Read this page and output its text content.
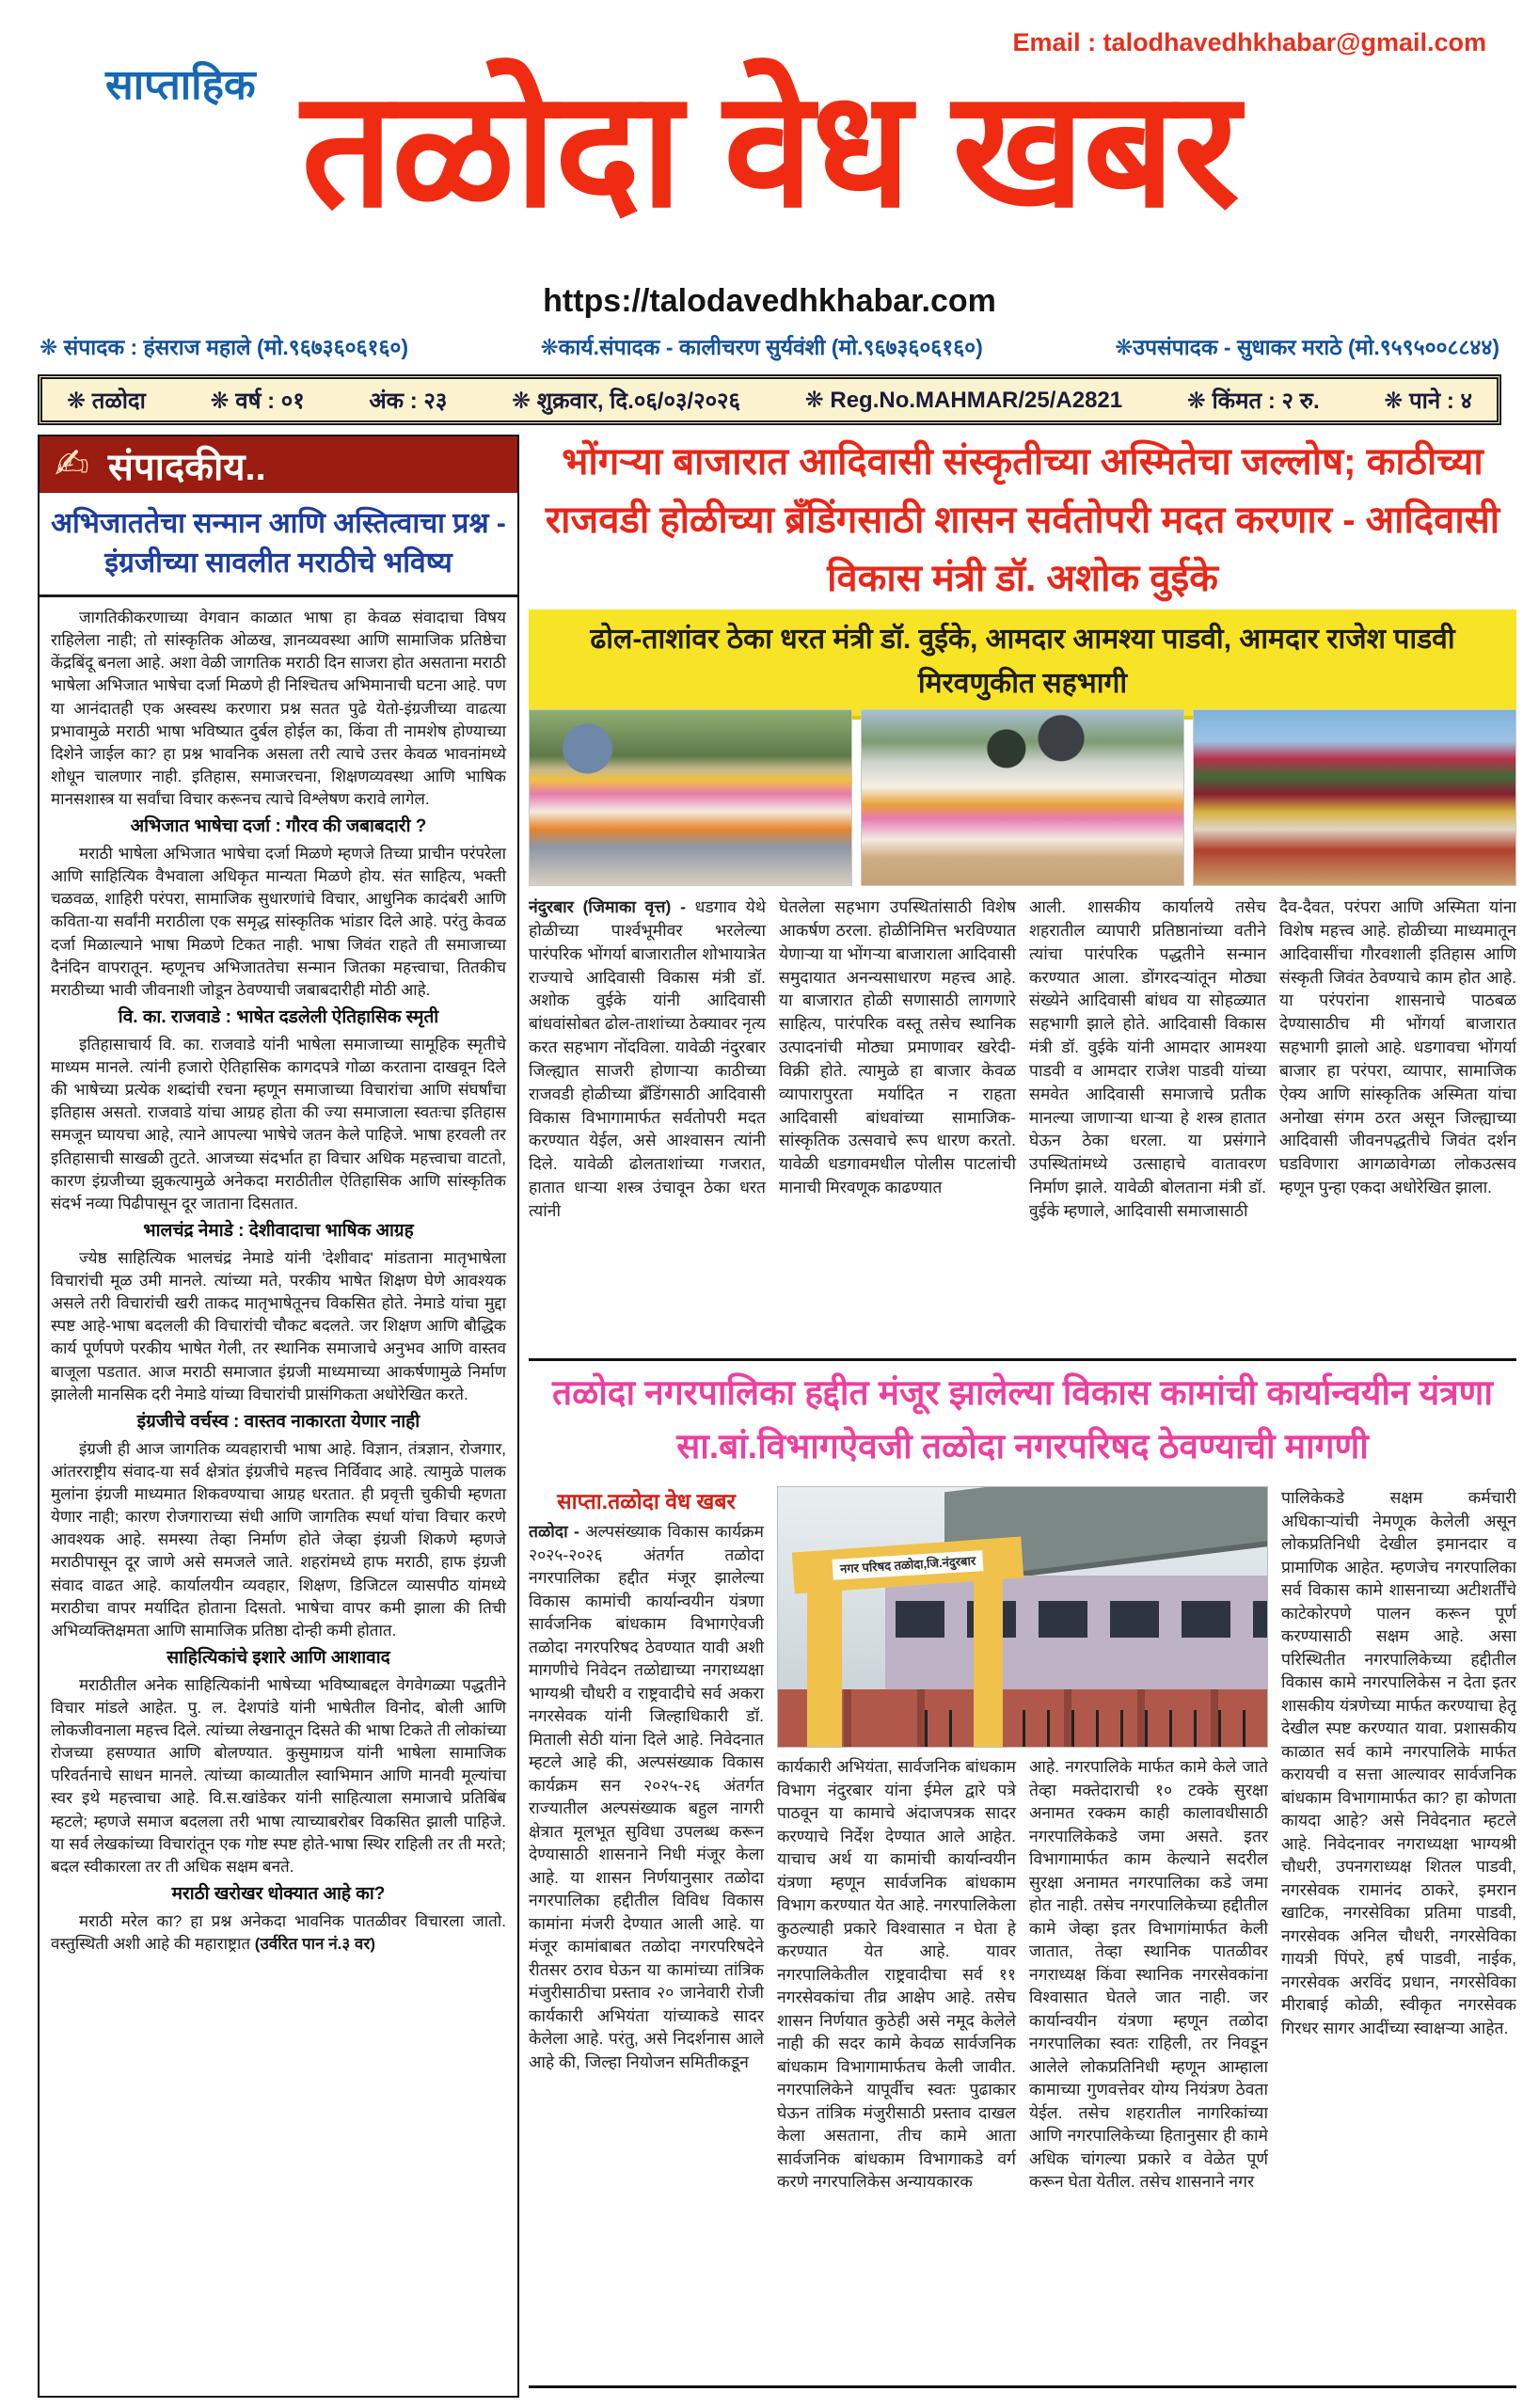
Email : talodhavedhkhabar@gmail.com
साप्ताहिक तळोदा वेध खबर
https://talodavedhkhabar.com
❋ संपादक : हंसराज महाले (मो.९६७३६०६१६०)	❋कार्य.संपादक - कालीचरण सुर्यवंशी (मो.९६७३६०६१६०)	❋उपसंपादक - सुधाकर मराठे (मो.९५९५००८८४४)
❋ तळोदा	❋ वर्ष : ०१	अंक : २३	❋ शुक्रवार, दि.०६/०३/२०२६	❋ Reg.No.MAHMAR/25/A2821	❋ किंमत : २ रु.	❋ पाने : ४
✍ संपादकीय..
अभिजाततेचा सन्मान आणि अस्तित्वाचा प्रश्न - इंग्रजीच्या सावलीत मराठीचे भविष्य

जागतिकीकरणाच्या वेगवान काळात भाषा हा केवळ संवादाचा विषय राहिलेला नाही; तो सांस्कृतिक ओळख, ज्ञानव्यवस्था आणि सामाजिक प्रतिष्ठेचा केंद्रबिंदू बनला आहे. अशा वेळी जागतिक मराठी दिन साजरा होत असताना मराठी भाषेला अभिजात भाषेचा दर्जा मिळणे ही निश्चितच अभिमानाची घटना आहे. पण या आनंदातही एक अस्वस्थ करणारा प्रश्न सतत पुढे येतो-इंग्रजीच्या वाढत्या प्रभावामुळे मराठी भाषा भविष्यात दुर्बल होईल का, किंवा ती नामशेष होण्याच्या दिशेने जाईल का? हा प्रश्न भावनिक असला तरी त्याचे उत्तर केवळ भावनांमध्ये शोधून चालणार नाही. इतिहास, समाजरचना, शिक्षणव्यवस्था आणि भाषिक मानसशास्त्र या सर्वांचा विचार करूनच त्याचे विश्लेषण करावे लागेल.

अभिजात भाषेचा दर्जा : गौरव की जबाबदारी ?

मराठी भाषेला अभिजात भाषेचा दर्जा मिळणे म्हणजे तिच्या प्राचीन परंपरेला आणि साहित्यिक वैभवाला अधिकृत मान्यता मिळणे होय. संत साहित्य, भक्ती चळवळ, शाहिरी परंपरा, सामाजिक सुधारणांचे विचार, आधुनिक कादंबरी आणि कविता-या सर्वांनी मराठीला एक समृद्ध सांस्कृतिक भांडार दिले आहे. परंतु केवळ दर्जा मिळाल्याने भाषा मिळणे टिकत नाही. भाषा जिवंत राहते ती समाजाच्या दैनंदिन वापरातून. म्हणूनच अभिजाततेचा सन्मान जितका महत्त्वाचा, तितकीच मराठीच्या भावी जीवनाशी जोडून ठेवण्याची जबाबदारीही मोठी आहे.

वि. का. राजवाडे : भाषेत दडलेली ऐतिहासिक स्मृती

इतिहासाचार्य वि. का. राजवाडे यांनी भाषेला समाजाच्या सामूहिक स्मृतीचे माध्यम मानले. त्यांनी हजारो ऐतिहासिक कागदपत्रे गोळा करताना दाखवून दिले की भाषेच्या प्रत्येक शब्दांची रचना म्हणून समाजाच्या विचारांचा आणि संघर्षांचा इतिहास असतो. राजवाडे यांचा आग्रह होता की ज्या समाजाला स्वतःचा इतिहास समजून घ्यायचा आहे, त्याने आपल्या भाषेचे जतन केले पाहिजे. भाषा हरवली तर इतिहासाची साखळी तुटते. आजच्या संदर्भात हा विचार अधिक महत्त्वाचा वाटतो, कारण इंग्रजीच्या झुकत्यामुळे अनेकदा मराठीतील ऐतिहासिक आणि सांस्कृतिक संदर्भ नव्या पिढीपासून दूर जाताना दिसतात.

भालचंद्र नेमाडे : देशीवादाचा भाषिक आग्रह

ज्येष्ठ साहित्यिक भालचंद्र नेमाडे यांनी 'देशीवाद' मांडताना मातृभाषेला विचारांची मूळ उमी मानले. त्यांच्या मते, परकीय भाषेत शिक्षण घेणे आवश्यक असले तरी विचारांची खरी ताकद मातृभाषेतूनच विकसित होते. नेमाडे यांचा मुद्दा स्पष्ट आहे-भाषा बदलली की विचारांची चौकट बदलते. जर शिक्षण आणि बौद्धिक कार्य पूर्णपणे परकीय भाषेत गेली, तर स्थानिक समाजाचे अनुभव आणि वास्तव बाजूला पडतात. आज मराठी समाजात इंग्रजी माध्यमाच्या आकर्षणामुळे निर्माण झालेली मानसिक दरी नेमाडे यांच्या विचारांची प्रासंगिकता अधोरेखित करते.

इंग्रजीचे वर्चस्व : वास्तव नाकारता येणार नाही

इंग्रजी ही आज जागतिक व्यवहाराची भाषा आहे. विज्ञान, तंत्रज्ञान, रोजगार, आंतरराष्ट्रीय संवाद-या सर्व क्षेत्रांत इंग्रजीचे महत्त्व निर्विवाद आहे. त्यामुळे पालक मुलांना इंग्रजी माध्यमात शिकवण्याचा आग्रह धरतात. ही प्रवृत्ती चुकीची म्हणता येणार नाही; कारण रोजगाराच्या संधी आणि जागतिक स्पर्धा यांचा विचार करणे आवश्यक आहे. समस्या तेव्हा निर्माण होते जेव्हा इंग्रजी शिकणे म्हणजे मराठीपासून दूर जाणे असे समजले जाते. शहरांमध्ये हाफ मराठी, हाफ इंग्रजी संवाद वाढत आहे. कार्यालयीन व्यवहार, शिक्षण, डिजिटल व्यासपीठ यांमध्ये मराठीचा वापर मर्यादित होताना दिसतो. भाषेचा वापर कमी झाला की तिची अभिव्यक्तिक्षमता आणि सामाजिक प्रतिष्ठा दोन्ही कमी होतात.

साहित्यिकांचे इशारे आणि आशावाद

मराठीतील अनेक साहित्यिकांनी भाषेच्या भविष्याबद्दल वेगवेगळ्या पद्धतीने विचार मांडले आहेत. पु. ल. देशपांडे यांनी भाषेतील विनोद, बोली आणि लोकजीवनाला महत्त्व दिले. त्यांच्या लेखनातून दिसते की भाषा टिकते ती लोकांच्या रोजच्या हसण्यात आणि बोलण्यात. कुसुमाग्रज यांनी भाषेला सामाजिक परिवर्तनाचे साधन मानले. त्यांच्या काव्यातील स्वाभिमान आणि मानवी मूल्यांचा स्वर इथे महत्त्वाचा आहे. वि.स.खांडेकर यांनी साहित्याला समाजाचे प्रतिबिंब म्हटले; म्हणजे समाज बदलला तरी भाषा त्याच्याबरोबर विकसित झाली पाहिजे. या सर्व लेखकांच्या विचारांतून एक गोष्ट स्पष्ट होते-भाषा स्थिर राहिली तर ती मरते; बदल स्वीकारला तर ती अधिक सक्षम बनते.

मराठी खरोखर धोक्यात आहे का?

मराठी मरेल का? हा प्रश्न अनेकदा भावनिक पातळीवर विचारला जातो. वस्तुस्थिती अशी आहे की महाराष्ट्रात (उर्वरित पान नं.३ वर)

भोंगऱ्या बाजारात आदिवासी संस्कृतीच्या अस्मितेचा जल्लोष; काठीच्या राजवडी होळीच्या ब्रँडिंगसाठी शासन सर्वतोपरी मदत करणार - आदिवासी विकास मंत्री डॉ. अशोक वुईके
ढोल-ताशांवर ठेका धरत मंत्री डॉ. वुईके, आमदार आमश्या पाडवी, आमदार राजेश पाडवी मिरवणुकीत सहभागी
नंदुरबार (जिमाका वृत्त) - धडगाव येथे होळीच्या पार्श्वभूमीवर भरलेल्या पारंपरिक भोंगर्या बाजारातील शोभायात्रेत राज्याचे आदिवासी विकास मंत्री डॉ. अशोक वुईके यांनी आदिवासी बांधवांसोबत ढोल-ताशांच्या ठेक्यावर नृत्य करत सहभाग नोंदविला. यावेळी नंदुरबार जिल्ह्यात साजरी होणाऱ्या काठीच्या राजवडी होळीच्या ब्रँडिंगसाठी आदिवासी विकास विभागामार्फत सर्वतोपरी मदत करण्यात येईल, असे आश्वासन त्यांनी दिले. यावेळी ढोलताशांच्या गजरात, हातात धाऱ्या शस्त्र उंचावून ठेका धरत त्यांनी
घेतलेला सहभाग उपस्थितांसाठी विशेष आकर्षण ठरला. होळीनिमित्त भरविण्यात येणाऱ्या या भोंगऱ्या बाजाराला आदिवासी समुदायात अनन्यसाधारण महत्त्व आहे. या बाजारात होळी सणासाठी लागणारे साहित्य, पारंपरिक वस्तू तसेच स्थानिक उत्पादनांची मोठ्या प्रमाणावर खरेदी-विक्री होते. त्यामुळे हा बाजार केवळ व्यापारापुरता मर्यादित न राहता आदिवासी बांधवांच्या सामाजिक-सांस्कृतिक उत्सवाचे रूप धारण करतो. यावेळी धडगावमधील पोलीस पाटलांची मानाची मिरवणूक काढण्यात
आली. शासकीय कार्यालये तसेच शहरातील व्यापारी प्रतिष्ठानांच्या वतीने त्यांचा पारंपरिक पद्धतीने सन्मान करण्यात आला. डोंगरदऱ्यांतून मोठ्या संख्येने आदिवासी बांधव या सोहळ्यात सहभागी झाले होते. आदिवासी विकास मंत्री डॉ. वुईके यांनी आमदार आमश्या पाडवी व आमदार राजेश पाडवी यांच्या समवेत आदिवासी समाजाचे प्रतीक मानल्या जाणाऱ्या धाऱ्या हे शस्त्र हातात घेऊन ठेका धरला. या प्रसंगाने उपस्थितांमध्ये उत्साहाचे वातावरण निर्माण झाले. यावेळी बोलताना मंत्री डॉ. वुईके म्हणाले, आदिवासी समाजासाठी
दैव-दैवत, परंपरा आणि अस्मिता यांना विशेष महत्त्व आहे. होळीच्या माध्यमातून आदिवासींचा गौरवशाली इतिहास आणि संस्कृती जिवंत ठेवण्याचे काम होत आहे. या परंपरांना शासनाचे पाठबळ देण्यासाठीच मी भोंगर्या बाजारात सहभागी झालो आहे. धडगावचा भोंगर्या बाजार हा परंपरा, व्यापार, सामाजिक ऐक्य आणि सांस्कृतिक अस्मिता यांचा अनोखा संगम ठरत असून जिल्ह्याच्या आदिवासी जीवनपद्धतीचे जिवंत दर्शन घडविणारा आगळावेगळा लोकउत्सव म्हणून पुन्हा एकदा अधोरेखित झाला.
तळोदा नगरपालिका हद्दीत मंजूर झालेल्या विकास कामांची कार्यान्वयीन यंत्रणा सा.बां.विभागऐवजी तळोदा नगरपरिषद ठेवण्याची मागणी
साप्ता.तळोदा वेध खबर
तळोदा - अल्पसंख्याक विकास कार्यक्रम २०२५-२०२६ अंतर्गत तळोदा नगरपालिका हद्दीत मंजूर झालेल्या विकास कामांची कार्यान्वयीन यंत्रणा सार्वजनिक बांधकाम विभागऐवजी तळोदा नगरपरिषद ठेवण्यात यावी अशी मागणीचे निवेदन तळोद्याच्या नगराध्यक्षा भाग्यश्री चौधरी व राष्ट्रवादीचे सर्व अकरा नगरसेवक यांनी जिल्हाधिकारी डॉ. मिताली सेठी यांना दिले आहे. निवेदनात म्हटले आहे की, अल्पसंख्याक विकास कार्यक्रम सन २०२५-२६ अंतर्गत राज्यातील अल्पसंख्याक बहुल नागरी क्षेत्रात मूलभूत सुविधा उपलब्ध करून देण्यासाठी शासनाने निधी मंजूर केला आहे. या शासन निर्णयानुसार तळोदा नगरपालिका हद्दीतील विविध विकास कामांना मंजरी देण्यात आली आहे. या मंजूर कामांबाबत तळोदा नगरपरिषदेने रीतसर ठराव घेऊन या कामांच्या तांत्रिक मंजुरीसाठीचा प्रस्ताव २० जानेवारी रोजी कार्यकारी अभियंता यांच्याकडे सादर केलेला आहे. परंतु, असे निदर्शनास आले आहे की, जिल्हा नियोजन समितीकडून
नगर परिषद तळोदा,जि.नंदुरबार
कार्यकारी अभियंता, सार्वजनिक बांधकाम विभाग नंदुरबार यांना ईमेल द्वारे पत्रे पाठवून या कामाचे अंदाजपत्रक सादर करण्याचे निर्देश देण्यात आले आहेत. याचाच अर्थ या कामांची कार्यान्वयीन यंत्रणा म्हणून सार्वजनिक बांधकाम विभाग करण्यात येत आहे. नगरपालिकेला कुठल्याही प्रकारे विश्वासात न घेता हे करण्यात येत आहे. यावर नगरपालिकेतील राष्ट्रवादीचा सर्व ११ नगरसेवकांचा तीव्र आक्षेप आहे. तसेच शासन निर्णयात कुठेही असे नमूद केलेले नाही की सदर कामे केवळ सार्वजनिक बांधकाम विभागामार्फतच केली जावीत. नगरपालिकेने यापूर्वीच स्वतः पुढाकार घेऊन तांत्रिक मंजुरीसाठी प्रस्ताव दाखल केला असताना, तीच कामे आता सार्वजनिक बांधकाम विभागाकडे वर्ग करणे नगरपालिकेस अन्यायकारक
आहे. नगरपालिके मार्फत कामे केले जाते तेव्हा मक्तेदाराची १० टक्के सुरक्षा अनामत रक्कम काही कालावधीसाठी नगरपालिकेकडे जमा असते. इतर विभागामार्फत काम केल्याने सदरील सुरक्षा अनामत नगरपालिका कडे जमा होत नाही. तसेच नगरपालिकेच्या हद्दीतील कामे जेव्हा इतर विभागांमार्फत केली जातात, तेव्हा स्थानिक पातळीवर नगराध्यक्ष किंवा स्थानिक नगरसेवकांना विश्वासात घेतले जात नाही. जर कार्यान्वयीन यंत्रणा म्हणून तळोदा नगरपालिका स्वतः राहिली, तर निवडून आलेले लोकप्रतिनिधी म्हणून आम्हाला कामाच्या गुणवत्तेवर योग्य नियंत्रण ठेवता येईल. तसेच शहरातील नागरिकांच्या आणि नगरपालिकेच्या हितानुसार ही कामे अधिक चांगल्या प्रकारे व वेळेत पूर्ण करून घेता येतील. तसेच शासनाने नगर
पालिकेकडे सक्षम कर्मचारी अधिकाऱ्यांची नेमणूक केलेली असून लोकप्रतिनिधी देखील इमानदार व प्रामाणिक आहेत. म्हणजेच नगरपालिका सर्व विकास कामे शासनाच्या अटीशर्तींचे काटेकोरपणे पालन करून पूर्ण करण्यासाठी सक्षम आहे. असा परिस्थितीत नगरपालिकेच्या हद्दीतील विकास कामे नगरपालिकेस न देता इतर शासकीय यंत्रणेच्या मार्फत करण्याचा हेतू देखील स्पष्ट करण्यात यावा. प्रशासकीय काळात सर्व कामे नगरपालिके मार्फत करायची व सत्ता आल्यावर सार्वजनिक बांधकाम विभागामार्फत का? हा कोणता कायदा आहे? असे निवेदनात म्हटले आहे. निवेदनावर नगराध्यक्षा भाग्यश्री चौधरी, उपनगराध्यक्ष शितल पाडवी, नगरसेवक रामानंद ठाकरे, इमरान खाटिक, नगरसेविका प्रतिमा पाडवी, नगरसेवक अनिल चौधरी, नगरसेविका गायत्री पिंपरे, हर्ष पाडवी, नाईक, नगरसेवक अरविंद प्रधान, नगरसेविका मीराबाई कोळी, स्वीकृत नगरसेवक गिरधर सागर आदींच्या स्वाक्षऱ्या आहेत.
